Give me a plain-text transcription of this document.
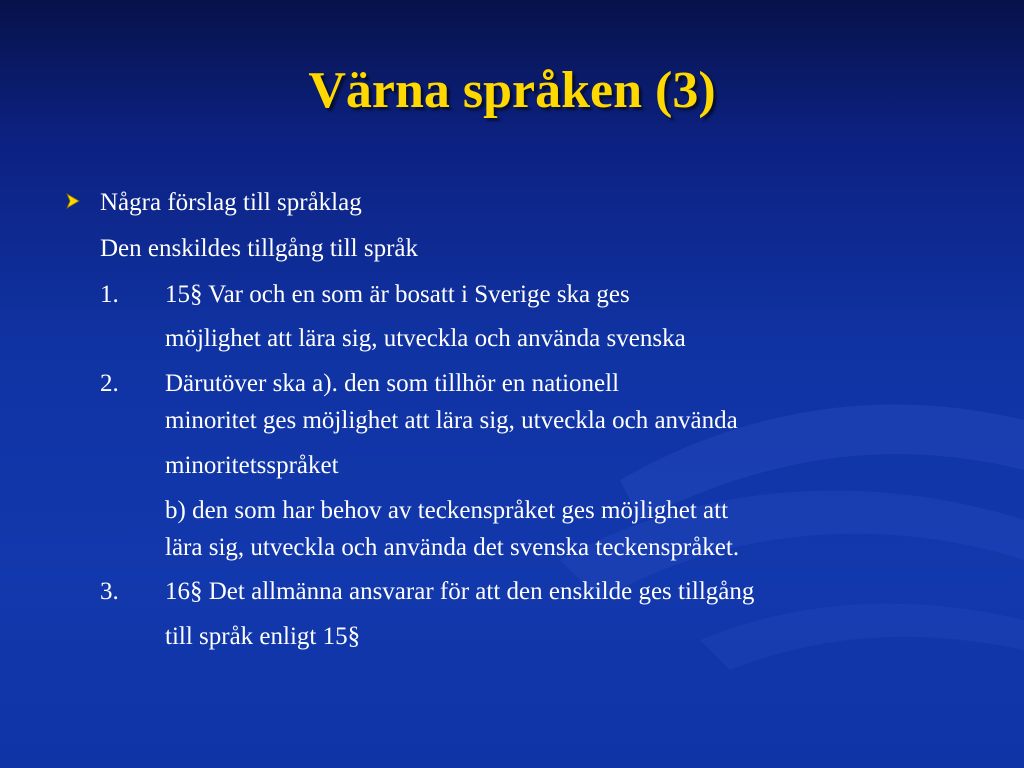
Värna språken (3)
Några förslag till språklag
Den enskildes tillgång till språk
1. 15§ Var och en som är bosatt i Sverige ska ges
möjlighet att lära sig, utveckla och använda svenska
2. Därutöver ska a). den som tillhör en nationell
minoritet ges möjlighet att lära sig, utveckla och använda
minoritetsspråket
b) den som har behov av teckenspråket ges möjlighet att
lära sig, utveckla och använda det svenska teckenspråket.
3. 16§ Det allmänna ansvarar för att den enskilde ges tillgång
till språk enligt 15§
